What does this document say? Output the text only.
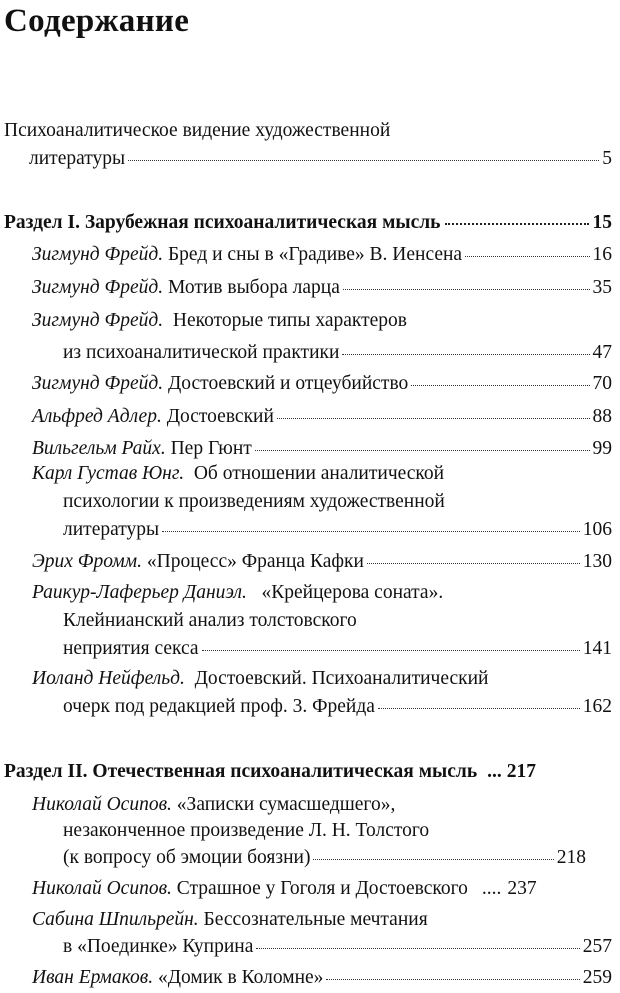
Содержание
Психоаналитическое видение художественной
литературы	5
Раздел I. Зарубежная психоаналитическая мысль	15
Зигмунд Фрейд. Бред и сны в «Градиве» В. Иенсена	16
Зигмунд Фрейд. Мотив выбора ларца	35
Зигмунд Фрейд. Некоторые типы характеров
из психоаналитической практики	47
Зигмунд Фрейд. Достоевский и отцеубийство	70
Альфред Адлер. Достоевский	88
Вильгельм Райх. Пер Гюнт	99
Карл Густав Юнг. Об отношении аналитической
психологии к произведениям художественной
литературы	106
Эрих Фромм. «Процесс» Франца Кафки	130
Раикур-Лаферьер Даниэл. «Крейцерова соната».
Клейнианский анализ толстовского
неприятия секса	141
Иоланд Нейфельд. Достоевский. Психоаналитический
очерк под редакцией проф. 3. Фрейда	162
Раздел II. Отечественная психоаналитическая мысль ... 217
Николай Осипов. «Записки сумасшедшего»,
незаконченное произведение Л. Н. Толстого
(к вопросу об эмоции боязни)	218
Николай Осипов. Страшное у Гоголя и Достоевского .... 237
Сабина Шпильрейн. Бессознательные мечтания
в «Поединке» Куприна	257
Иван Ермаков. «Домик в Коломне»	259
